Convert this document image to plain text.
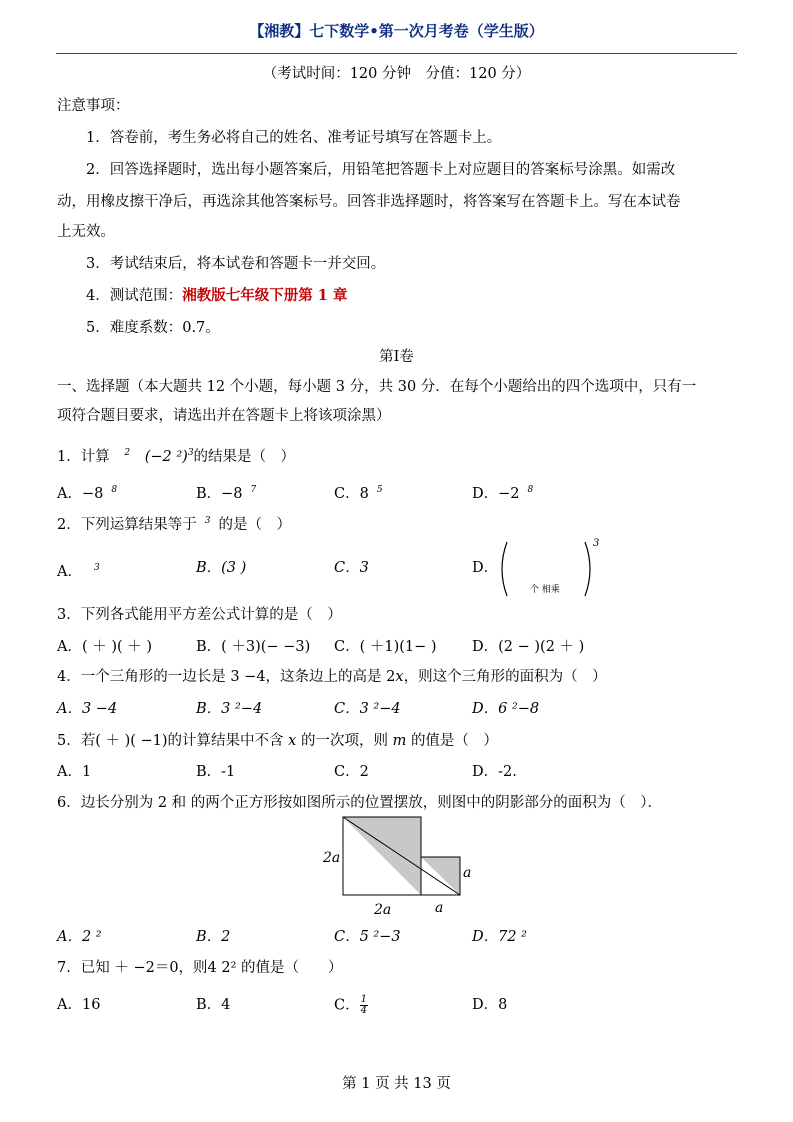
【湘教】七下数学•第一次月考卷（学生版）
（考试时间：120 分钟　分值：120 分）
注意事项：
1．答卷前，考生务必将自己的姓名、准考证号填写在答题卡上。
2．回答选择题时，选出每小题答案后，用铅笔把答题卡上对应题目的答案标号涂黑。如需改
动，用橡皮擦干净后，再选涂其他答案标号。回答非选择题时，将答案写在答题卡上。写在本试卷
上无效。
3．考试结束后，将本试卷和答题卡一并交回。
4．测试范围：湘教版七年级下册第 1 章
5．难度系数：0.7。
第Ⅰ卷
一、选择题（本大题共 12 个小题，每小题 3 分，共 30 分．在每个小题给出的四个选项中，只有一
项符合题目要求，请选出并在答题卡上将该项涂黑）
1．计算 $^2$ (−2 ²)$^3$的结果是（　）
A．−8 $^8$	B．−8 $^7$	C．8 $^5$	D．−2 $^8$
2．下列运算结果等于 $^3$ 的是（　）
A． $^3$	B．(3 )	C．3	D．
个 相乘
3
3．下列各式能用平方差公式计算的是（　）
A．( ＋ )( ＋ )	B．( ＋3)(− −3) C．( ＋1)(1− ) D．(2 − )(2 ＋ )
4．一个三角形的一边长是 3 −4，这条边上的高是 2x，则这个三角形的面积为（　）
A．3 −4	B．3 ²−4	C．3 ²−4	D．6 ²−8
5．若( ＋ )( −1)的计算结果中不含 x 的一次项，则 m 的值是（　）
A．1	B．-1	C．2	D．-2.
6．边长分别为 2 和 的两个正方形按如图所示的位置摆放，则图中的阴影部分的面积为（　）．
2a
2a
a
a
A．2 ²	B．2	C．5 ²−3	D．72 ²
7．已知 ＋ −2＝0，则4 2² 的值是（　　）
A．16	B．4	C． $\frac{1}{4}$	D．8
第 1 页 共 13 页
